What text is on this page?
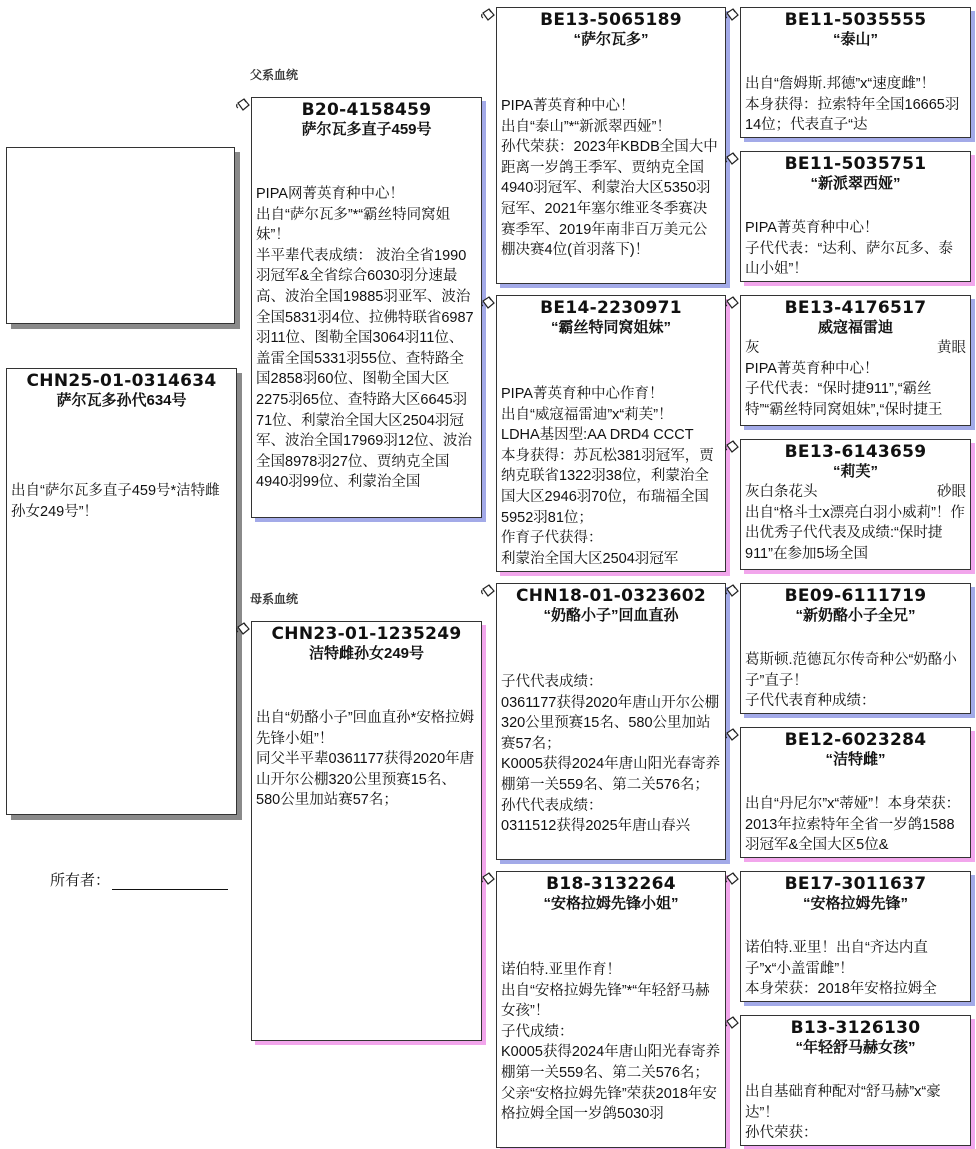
CHN25-01-0314634
萨尔瓦多孙代634号
出自“萨尔瓦多直子459号*洁特雌孙女249号”！
所有者：
父系血统
母系血统
B20-4158459
萨尔瓦多直子459号
PIPA网菁英育种中心！
出自“萨尔瓦多”*“霸丝特同窝姐妹”！
半平辈代表成绩： 波治全省1990羽冠军&全省综合6030羽分速最高、波治全国19885羽亚军、波治全国5831羽4位、拉佛特联省6987羽11位、图勒全国3064羽11位、盖雷全国5331羽55位、查特路全国2858羽60位、图勒全国大区2275羽65位、查特路大区6645羽71位、利蒙治全国大区2504羽冠军、波治全国17969羽12位、波治全国8978羽27位、贾纳克全国4940羽99位、利蒙治全国
CHN23-01-1235249
洁特雌孙女249号
出自“奶酪小子”回血直孙*安格拉姆先锋小姐”！
同父半平辈0361177获得2020年唐山开尔公棚320公里预赛15名、580公里加站赛57名；
BE13-5065189
“萨尔瓦多”
PIPA菁英育种中心！
出自“泰山”*“新派翠西娅”！
孙代荣获：2023年KBDB全国大中距离一岁鸽王季军、贾纳克全国4940羽冠军、利蒙治大区5350羽冠军、2021年塞尔维亚冬季赛决赛季军、2019年南非百万美元公棚决赛4位(首羽落下)！
BE14-2230971
“霸丝特同窝姐妹”
PIPA菁英育种中心作育！
出自“威寇福雷迪”x“莉芙”！
LDHA基因型:AA DRD4 CCCT
本身获得：苏瓦松381羽冠军，贾纳克联省1322羽38位，利蒙治全国大区2946羽70位，布瑞福全国5952羽81位；
作育子代获得：
利蒙治全国大区2504羽冠军
CHN18-01-0323602
“奶酪小子”回血直孙
子代代表成绩：
0361177获得2020年唐山开尔公棚320公里预赛15名、580公里加站赛57名；
K0005获得2024年唐山阳光春寄养棚第一关559名、第二关576名；
孙代代表成绩：
0311512获得2025年唐山春兴
B18-3132264
“安格拉姆先锋小姐”
诺伯特.亚里作育！
出自“安格拉姆先锋”*“年轻舒马赫女孩”！
子代成绩：
K0005获得2024年唐山阳光春寄养棚第一关559名、第二关576名；
父亲“安格拉姆先锋”荣获2018年安格拉姆全国一岁鸽5030羽
BE11-5035555
“泰山”
出自“詹姆斯.邦德”x“速度雌”！
本身获得：拉索特年全国16665羽14位；代表直子“达
BE11-5035751
“新派翠西娅”
PIPA菁英育种中心！
子代代表：“达利、萨尔瓦多、泰山小姐”！
BE13-4176517
威寇福雷迪
灰	黄眼
PIPA菁英育种中心！
子代代表：“保时捷911”,“霸丝特”“霸丝特同窝姐妹”,“保时捷王
BE13-6143659
“莉芙”
灰白条花头	砂眼
出自“格斗士x漂亮白羽小威莉”！作出优秀子代代表及成绩:“保时捷911”在参加5场全国
BE09-6111719
“新奶酪小子全兄”
葛斯顿.范德瓦尔传奇种公“奶酪小子”直子！
子代代表育种成绩：
BE12-6023284
“洁特雌”
出自“丹尼尔”x“蒂娅”！本身荣获：2013年拉索特年全省一岁鸽1588羽冠军&全国大区5位&
BE17-3011637
“安格拉姆先锋”
诺伯特.亚里！出自“齐达内直子”x“小盖雷雌”！
本身荣获：2018年安格拉姆全
B13-3126130
“年轻舒马赫女孩”
出自基础育种配对“舒马赫”x“豪达”！
孙代荣获：
